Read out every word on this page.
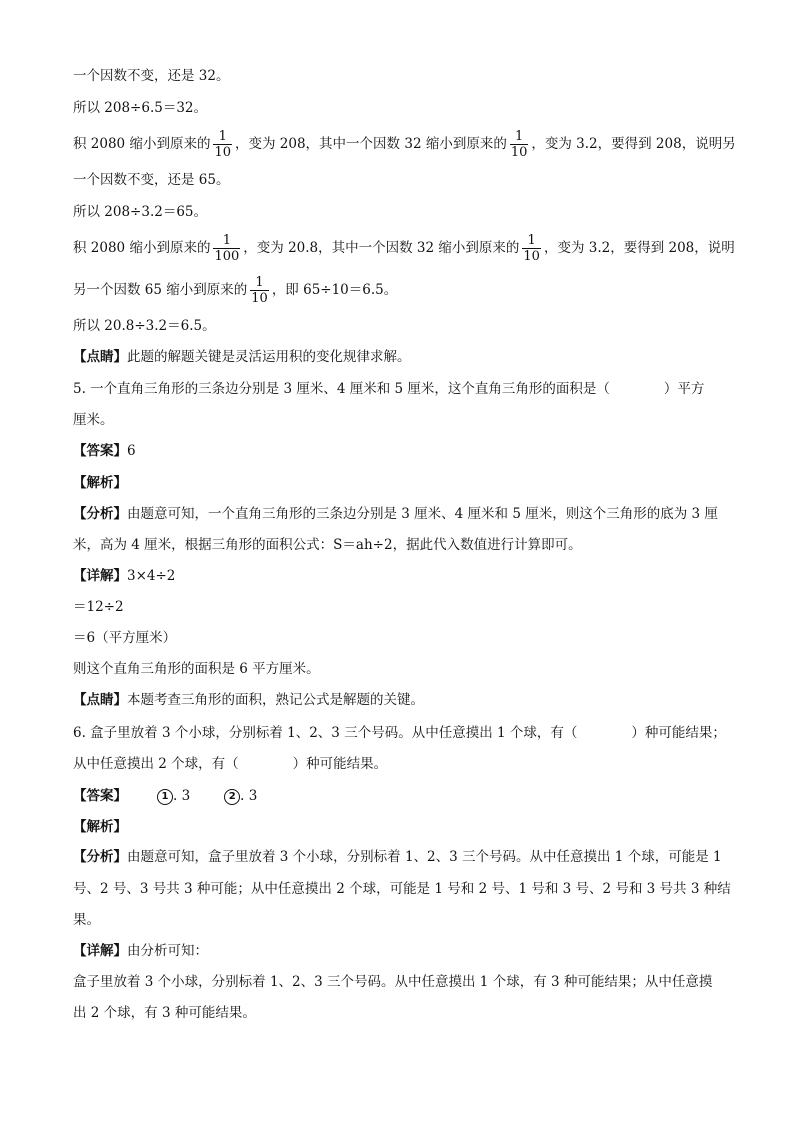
一个因数不变，还是 32。
所以 208÷6.5＝32。
积 2080 缩小到原来的 $\frac{1}{10}$ ，变为 208，其中一个因数 32 缩小到原来的 $\frac{1}{10}$ ，变为 3.2，要得到 208，说明另
一个因数不变，还是 65。
所以 208÷3.2＝65。
积 2080 缩小到原来的 $\frac{1}{100}$ ，变为 20.8，其中一个因数 32 缩小到原来的 $\frac{1}{10}$ ，变为 3.2，要得到 208，说明
另一个因数 65 缩小到原来的 $\frac{1}{10}$ ，即 65÷10＝6.5。
所以 20.8÷3.2＝6.5。
【点睛】此题的解题关键是灵活运用积的变化规律求解。
5. 一个直角三角形的三条边分别是 3 厘米、4 厘米和 5 厘米，这个直角三角形的面积是（	）平方
厘米。
【答案】6
【解析】
【分析】由题意可知，一个直角三角形的三条边分别是 3 厘米、4 厘米和 5 厘米，则这个三角形的底为 3 厘
米，高为 4 厘米，根据三角形的面积公式：S＝ah÷2，据此代入数值进行计算即可。
【详解】3×4÷2
＝12÷2
＝6（平方厘米）
则这个直角三角形的面积是 6 平方厘米。
【点睛】本题考查三角形的面积，熟记公式是解题的关键。
6. 盒子里放着 3 个小球，分别标着 1、2、3 三个号码。从中任意摸出 1 个球，有（	）种可能结果；
从中任意摸出 2 个球，有（	）种可能结果。
【答案】	1 . 3	2 . 3
【解析】
【分析】由题意可知，盒子里放着 3 个小球，分别标着 1、2、3 三个号码。从中任意摸出 1 个球，可能是 1
号、2 号、3 号共 3 种可能；从中任意摸出 2 个球，可能是 1 号和 2 号、1 号和 3 号、2 号和 3 号共 3 种结
果。
【详解】由分析可知：
盒子里放着 3 个小球，分别标着 1、2、3 三个号码。从中任意摸出 1 个球，有 3 种可能结果；从中任意摸
出 2 个球，有 3 种可能结果。
